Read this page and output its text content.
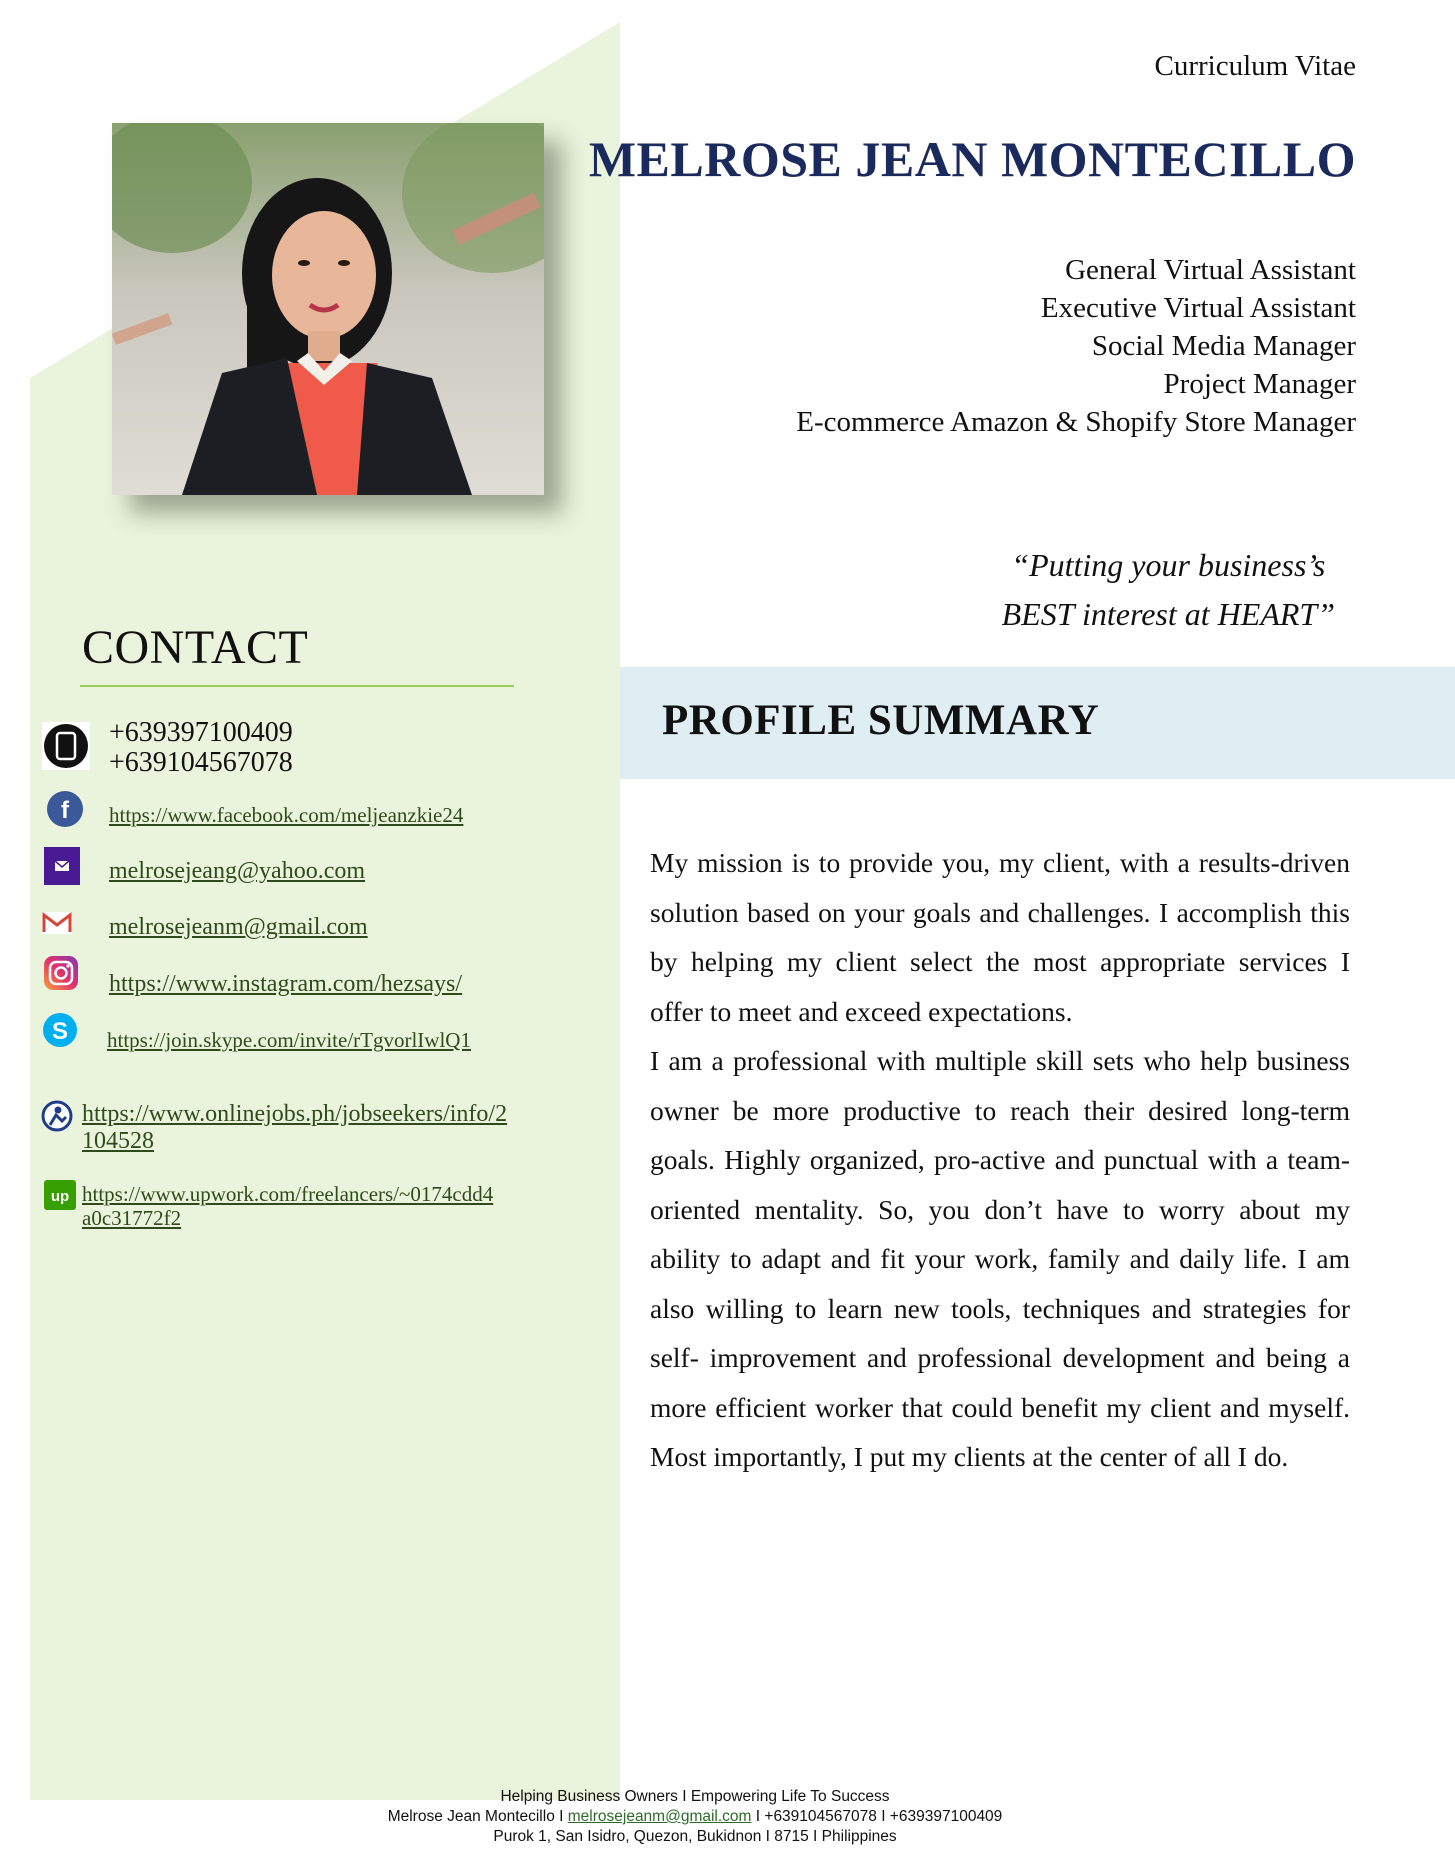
Curriculum Vitae
MELROSE JEAN MONTECILLO
General Virtual Assistant
Executive Virtual Assistant
Social Media Manager
Project Manager
E-commerce Amazon & Shopify Store Manager
“Putting your business’s
BEST interest at HEART”
CONTACT
+639397100409
+639104567078
f https://www.facebook.com/meljeanzkie24
melrosejeang@yahoo.com
melrosejeanm@gmail.com
https://www.instagram.com/hezsays/
S https://join.skype.com/invite/rTgvorlIwlQ1
https://www.onlinejobs.ph/jobseekers/info/2
104528
up https://www.upwork.com/freelancers/~0174cdd4
a0c31772f2
PROFILE SUMMARY

My mission is to provide you, my client, with a results-driven solution based on your goals and challenges. I accomplish this by helping my client select the most appropriate services I offer to meet and exceed expectations.

I am a professional with multiple skill sets who help business owner be more productive to reach their desired long-term goals. Highly organized, pro-active and punctual with a team-oriented mentality. So, you don’t have to worry about my ability to adapt and fit your work, family and daily life. I am also willing to learn new tools, techniques and strategies for self- improvement and professional development and being a more efficient worker that could benefit my client and myself. Most importantly, I put my clients at the center of all I do.

Helping Business Owners I Empowering Life To Success
Melrose Jean Montecillo I melrosejeanm@gmail.com I +639104567078 I +639397100409
Purok 1, San Isidro, Quezon, Bukidnon I 8715 I Philippines
